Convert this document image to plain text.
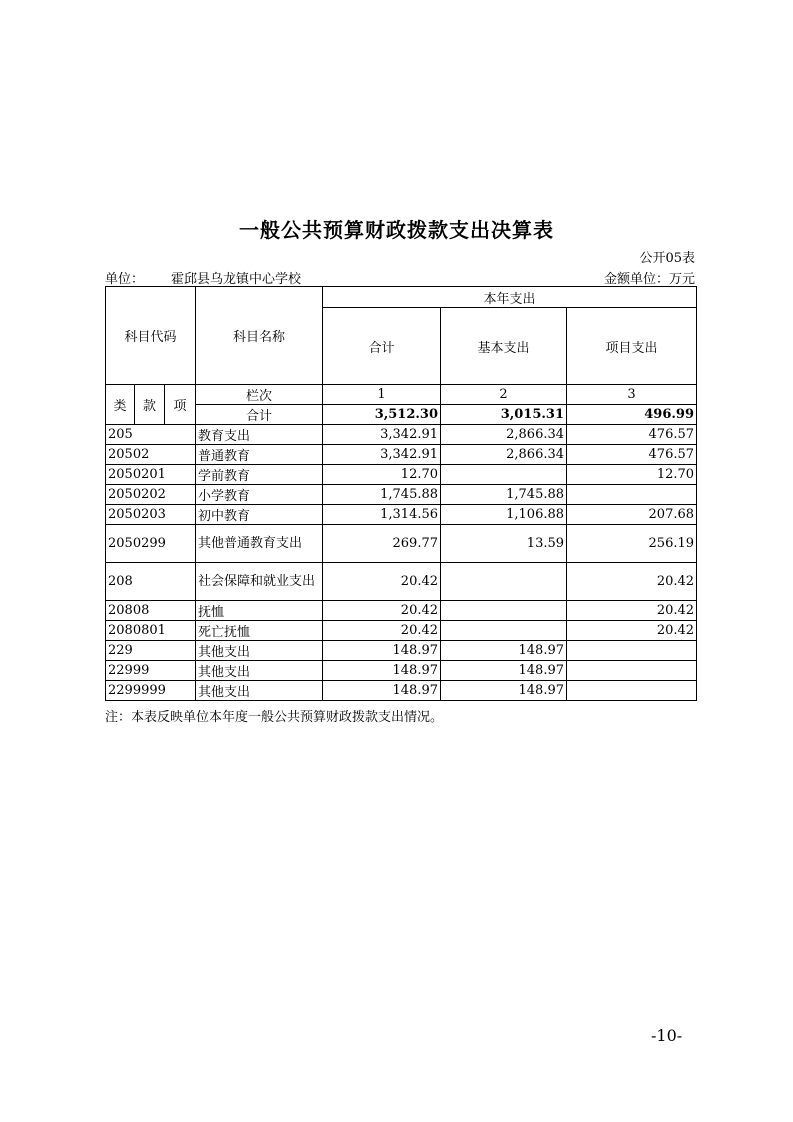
一般公共预算财政拨款支出决算表
公开05表
单位： 霍邱县乌龙镇中心学校	金额单位：万元
科目代码			科目名称	本年支出		
				合计	基本支出	项目支出
类	款	项	栏次	1	2	3
			合计	3,512.30	3,015.31	496.99
205			教育支出	3,342.91	2,866.34	476.57
20502			普通教育	3,342.91	2,866.34	476.57
2050201			学前教育	12.70		12.70
2050202			小学教育	1,745.88	1,745.88	
2050203			初中教育	1,314.56	1,106.88	207.68
2050299			其他普通教育支出	269.77	13.59	256.19
208			社会保障和就业支出	20.42		20.42
20808			抚恤	20.42		20.42
2080801			死亡抚恤	20.42		20.42
229			其他支出	148.97	148.97	
22999			其他支出	148.97	148.97	
2299999			其他支出	148.97	148.97	
注：本表反映单位本年度一般公共预算财政拨款支出情况。
-10-
